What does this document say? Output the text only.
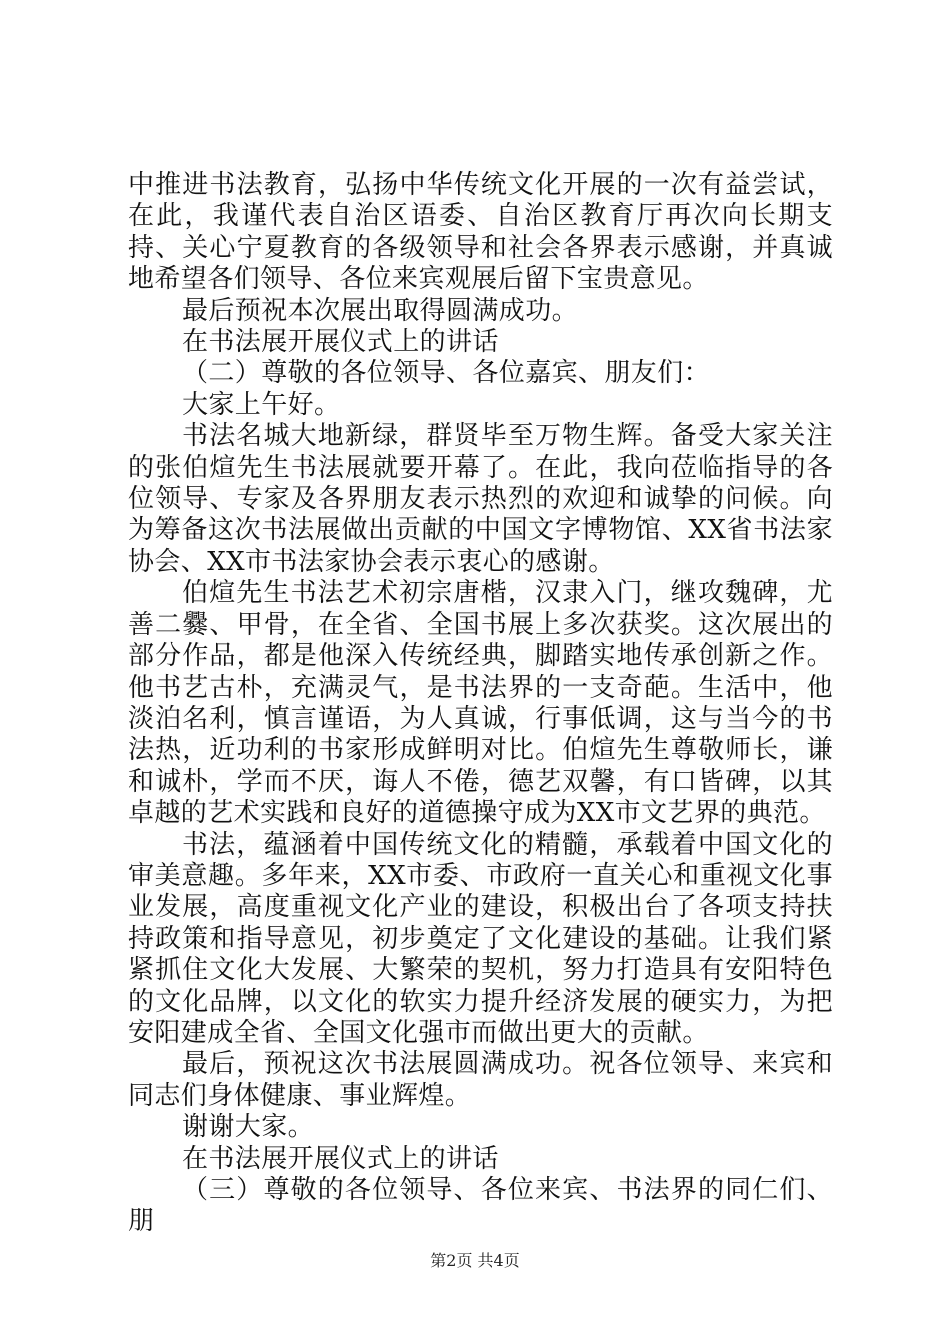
中推进书法教育，弘扬中华传统文化开展的一次有益尝试，在此，我谨代表自治区语委、自治区教育厅再次向长期支持、关心宁夏教育的各级领导和社会各界表示感谢，并真诚地希望各们领导、各位来宾观展后留下宝贵意见。

最后预祝本次展出取得圆满成功。

在书法展开展仪式上的讲话

（二）尊敬的各位领导、各位嘉宾、朋友们：

大家上午好。

书法名城大地新绿，群贤毕至万物生辉。备受大家关注的张伯煊先生书法展就要开幕了。在此，我向莅临指导的各位领导、专家及各界朋友表示热烈的欢迎和诚挚的问候。向为筹备这次书法展做出贡献的中国文字博物馆、XX省书法家协会、XX市书法家协会表示衷心的感谢。

伯煊先生书法艺术初宗唐楷，汉隶入门，继攻魏碑，尤善二爨、甲骨，在全省、全国书展上多次获奖。这次展出的部分作品，都是他深入传统经典，脚踏实地传承创新之作。他书艺古朴，充满灵气，是书法界的一支奇葩。生活中，他淡泊名利，慎言谨语，为人真诚，行事低调，这与当今的书法热，近功利的书家形成鲜明对比。伯煊先生尊敬师长，谦和诚朴，学而不厌，诲人不倦，德艺双馨，有口皆碑，以其卓越的艺术实践和良好的道德操守成为XX市文艺界的典范。

书法，蕴涵着中国传统文化的精髓，承载着中国文化的审美意趣。多年来，XX市委、市政府一直关心和重视文化事业发展，高度重视文化产业的建设，积极出台了各项支持扶持政策和指导意见，初步奠定了文化建设的基础。让我们紧紧抓住文化大发展、大繁荣的契机，努力打造具有安阳特色的文化品牌，以文化的软实力提升经济发展的硬实力，为把安阳建成全省、全国文化强市而做出更大的贡献。

最后，预祝这次书法展圆满成功。祝各位领导、来宾和同志们身体健康、事业辉煌。

谢谢大家。

在书法展开展仪式上的讲话

（三）尊敬的各位领导、各位来宾、书法界的同仁们、朋

第2页 共4页
